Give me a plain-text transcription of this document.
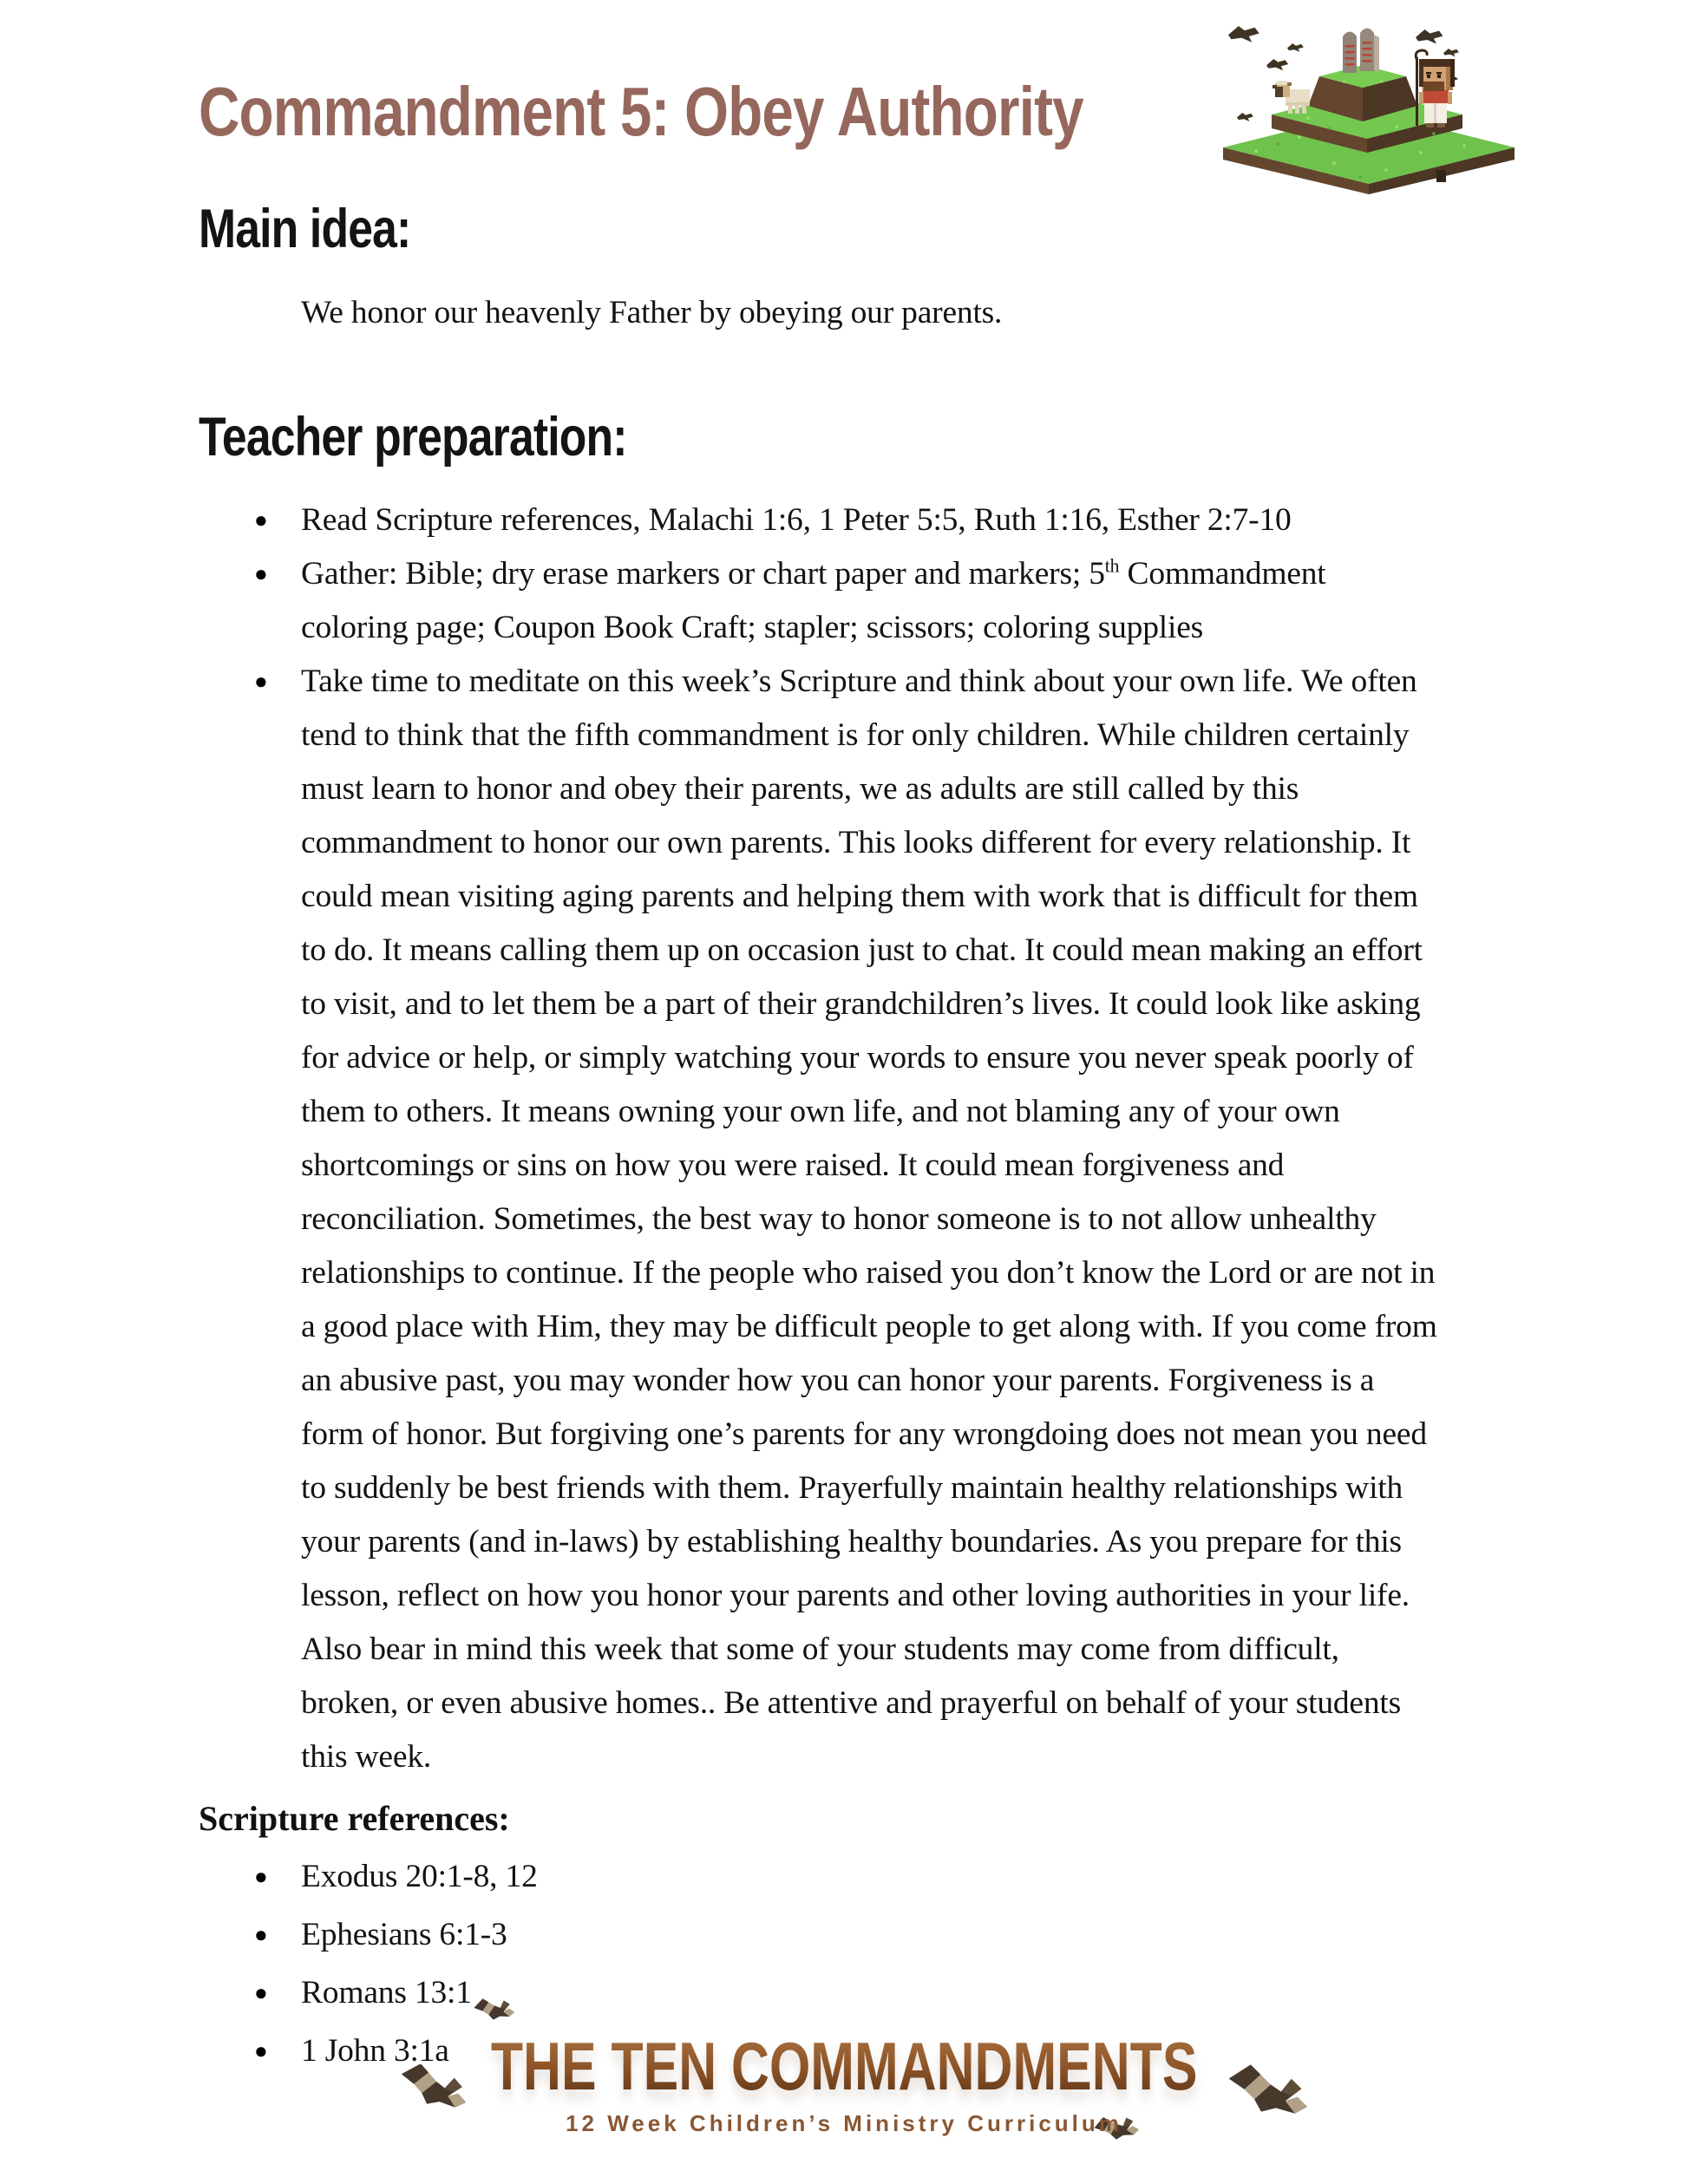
Commandment 5: Obey Authority
Main idea:

We honor our heavenly Father by obeying our parents.

Teacher preparation:
● Read Scripture references, Malachi 1:6, 1 Peter 5:5, Ruth 1:16, Esther 2:7-10
● Gather: Bible; dry erase markers or chart paper and markers; 5th Commandment coloring page; Coupon Book Craft; stapler; scissors; coloring supplies
● Take time to meditate on this week’s Scripture and think about your own life. We often tend to think that the fifth commandment is for only children. While children certainly must learn to honor and obey their parents, we as adults are still called by this commandment to honor our own parents. This looks different for every relationship. It could mean visiting aging parents and helping them with work that is difficult for them to do. It means calling them up on occasion just to chat. It could mean making an effort to visit, and to let them be a part of their grandchildren’s lives. It could look like asking for advice or help, or simply watching your words to ensure you never speak poorly of them to others. It means owning your own life, and not blaming any of your own shortcomings or sins on how you were raised. It could mean forgiveness and reconciliation. Sometimes, the best way to honor someone is to not allow unhealthy relationships to continue. If the people who raised you don’t know the Lord or are not in a good place with Him, they may be difficult people to get along with. If you come from an abusive past, you may wonder how you can honor your parents. Forgiveness is a form of honor. But forgiving one’s parents for any wrongdoing does not mean you need to suddenly be best friends with them. Prayerfully maintain healthy relationships with your parents (and in-laws) by establishing healthy boundaries. As you prepare for this lesson, reflect on how you honor your parents and other loving authorities in your life. Also bear in mind this week that some of your students may come from difficult, broken, or even abusive homes.. Be attentive and prayerful on behalf of your students this week.
Scripture references:
● Exodus 20:1-8, 12
● Ephesians 6:1-3
● Romans 13:1
● 1 John 3:1a THE TEN COMMANDMENTS
12 Week Children’s Ministry Curriculum
